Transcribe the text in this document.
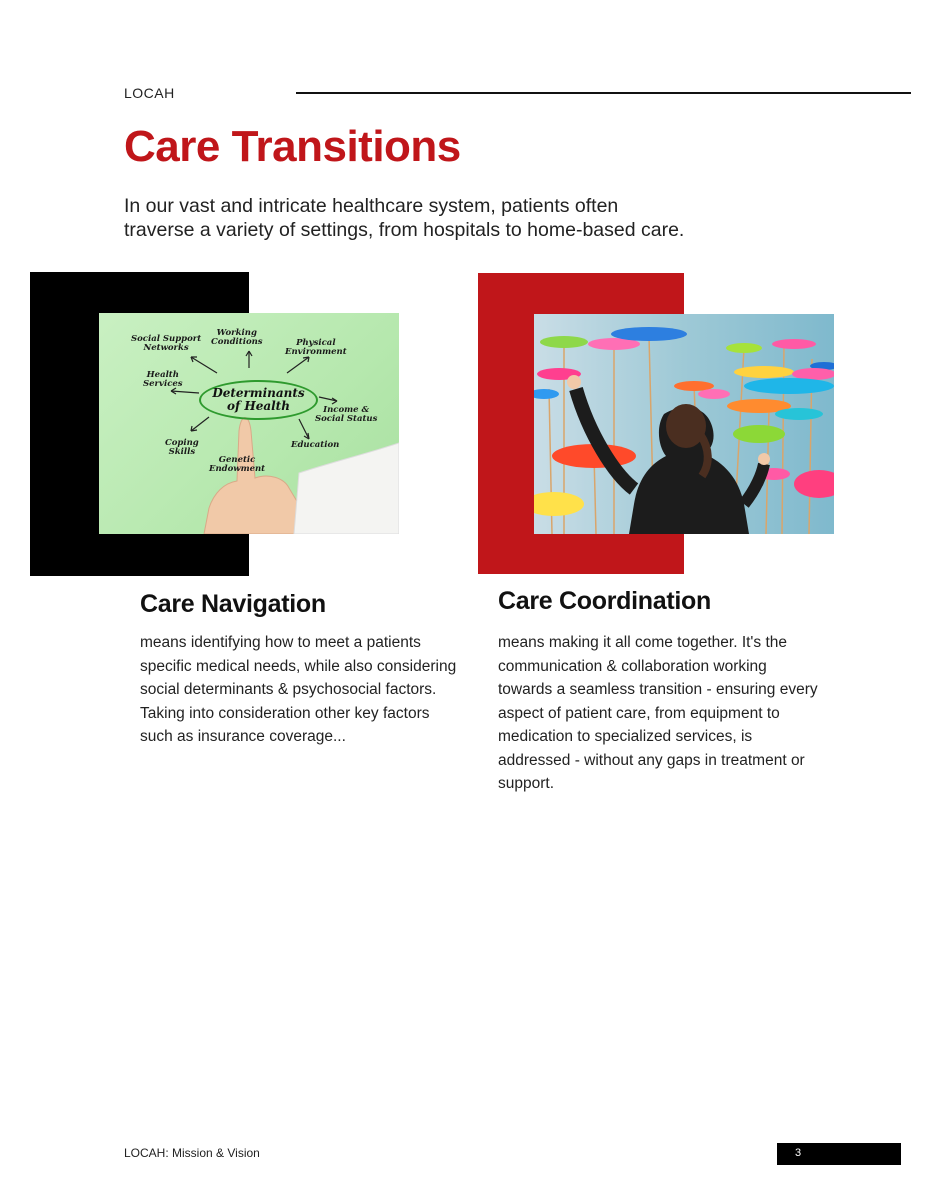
LOCAH
Care Transitions
In our vast and intricate healthcare system, patients often
traverse a variety of settings, from hospitals to home-based care.
Social Support
Networks
Working
Conditions	Physical
Environment
Health
Services
Determinants
of Health	Income &
Social Status
Coping
Skills
Education
Genetic
Endowment
Care Navigation

means identifying how to meet a patients specific medical needs, while also considering social determinants & psychosocial factors. Taking into consideration other key factors such as insurance coverage...

Care Coordination

means making it all come together. It's the communication & collaboration working towards a seamless transition - ensuring every aspect of patient care, from equipment to medication to specialized services, is addressed - without any gaps in treatment or support.

LOCAH: Mission & Vision	3
